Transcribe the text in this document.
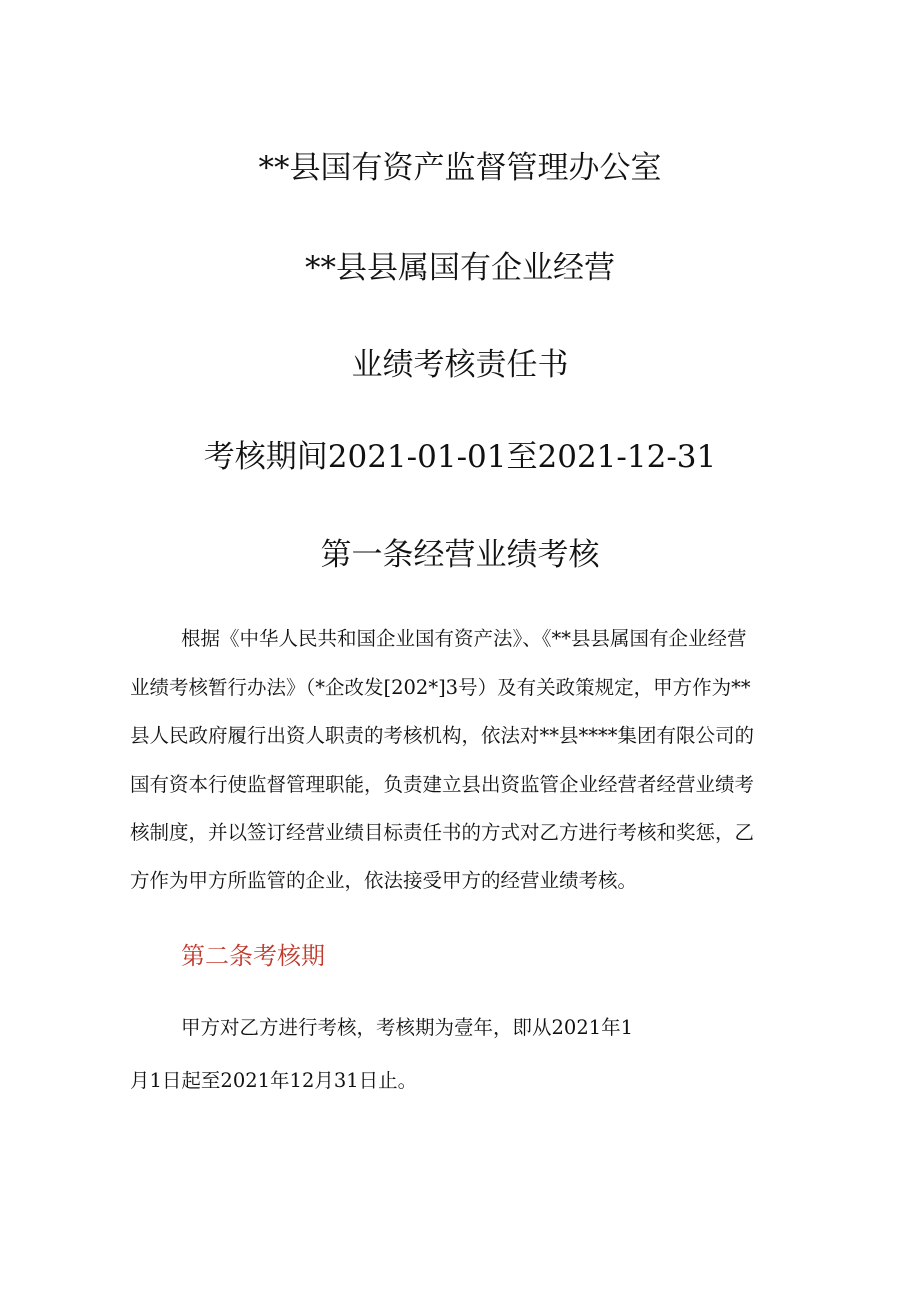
**县国有资产监督管理办公室
**县县属国有企业经营
业绩考核责任书
考核期间2021-01-01至2021-12-31
第一条经营业绩考核
根据《中华人民共和国企业国有资产法》、《**县县属国有企业经营
业绩考核暂行办法》（*企改发[202*]3号）及有关政策规定，甲方作为**
县人民政府履行出资人职责的考核机构，依法对**县****集团有限公司的
国有资本行使监督管理职能，负责建立县出资监管企业经营者经营业绩考
核制度，并以签订经营业绩目标责任书的方式对乙方进行考核和奖惩，乙
方作为甲方所监管的企业，依法接受甲方的经营业绩考核。
第二条考核期
甲方对乙方进行考核，考核期为壹年，即从2021年1
月1日起至2021年12月31日止。
